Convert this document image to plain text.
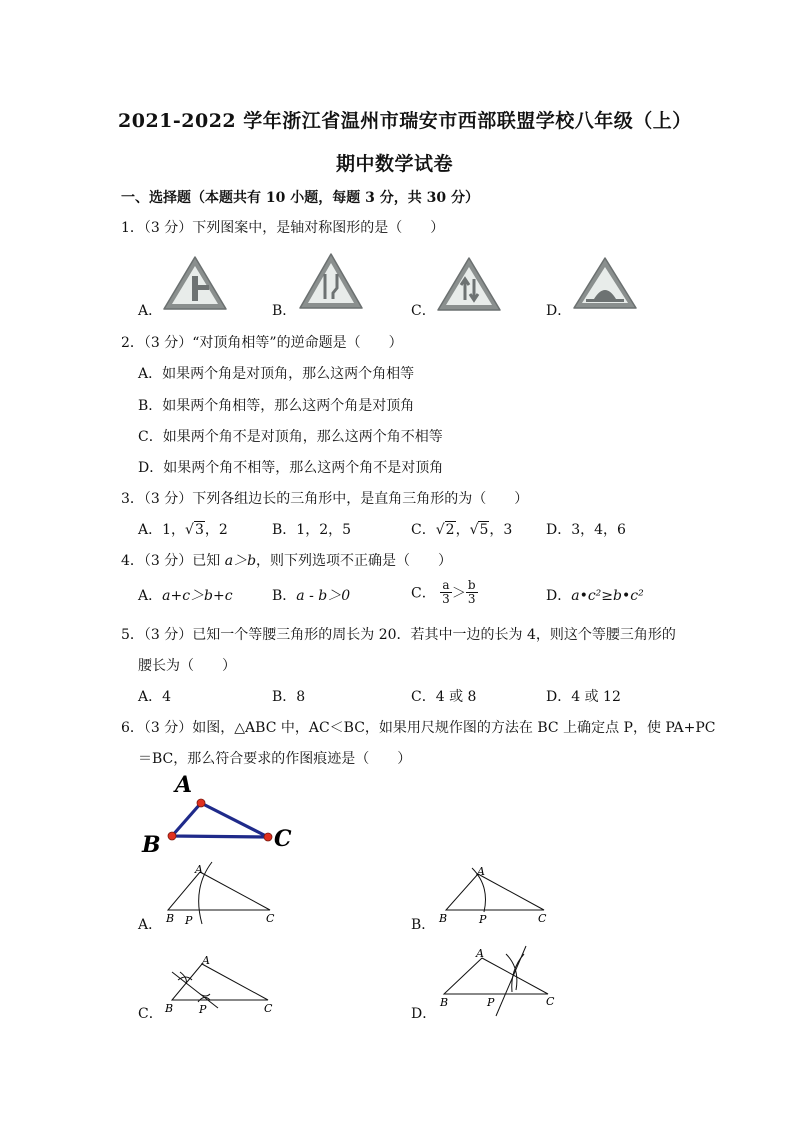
2021-2022 学年浙江省温州市瑞安市西部联盟学校八年级（上）
期中数学试卷
一、选择题（本题共有 10 小题，每题 3 分，共 30 分）
1．（3 分）下列图案中，是轴对称图形的是（　　）
A．	B．	C．	D．
2．（3 分）“对顶角相等”的逆命题是（　　）
A．如果两个角是对顶角，那么这两个角相等
B．如果两个角相等，那么这两个角是对顶角
C．如果两个角不是对顶角，那么这两个角不相等
D．如果两个角不相等，那么这两个角不是对顶角
3．（3 分）下列各组边长的三角形中，是直角三角形的为（　　）
A．1，√3，2	B．1，2，5	C．√2，√5，3 D．3，4，6
4．（3 分）已知 a＞b，则下列选项不正确是（　　）
A．a+c＞b+c	B．a - b＞0	C． $\frac{a}{3} > \frac{b}{3}$	D．a•c²≥b•c²
5．（3 分）已知一个等腰三角形的周长为 20．若其中一边的长为 4，则这个等腰三角形的
腰长为（　　）
A．4	B．8	C．4 或 8	D．4 或 12
6．（3 分）如图，△ABC 中，AC＜BC，如果用尺规作图的方法在 BC 上确定点 P，使 PA+PC
＝BC，那么符合要求的作图痕迹是（　　）
A
B	C
A．
A
B P	C	B．
A
B	P	C
C．
A
B P	C	D．
A
B	P	C
